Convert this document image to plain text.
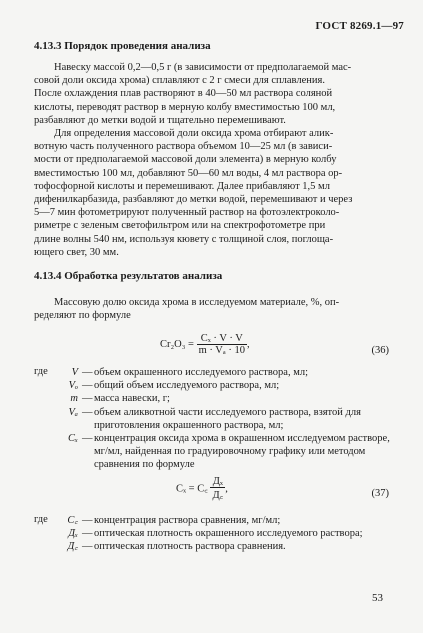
ГОСТ 8269.1—97
4.13.3 Порядок проведения анализа
Навеску массой 0,2—0,5 г (в зависимости от предполагаемой мас-
совой доли оксида хрома) сплавляют с 2 г смеси для сплавления.
После охлаждения плав растворяют в 40—50 мл раствора соляной
кислоты, переводят раствор в мерную колбу вместимостью 100 мл,
разбавляют до метки водой и тщательно перемешивают.
Для определения массовой доли оксида хрома отбирают алик-
вотную часть полученного раствора объемом 10—25 мл (в зависи-
мости от предполагаемой массовой доли элемента) в мерную колбу
вместимостью 100 мл, добавляют 50—60 мл воды, 4 мл раствора ор-
тофосфорной кислоты и перемешивают. Далее прибавляют 1,5 мл
дифенилкарбазида, разбавляют до метки водой, перемешивают и через
5—7 мин фотометрируют полученный раствор на фотоэлектроколо-
риметре с зеленым светофильтром или на спектрофотометре при
длине волны 540 нм, используя кювету с толщиной слоя, поглоща-
ющего свет, 30 мм.
4.13.4 Обработка результатов анализа
Массовую долю оксида хрома в исследуемом материале, %, оп-
ределяют по формуле
$Cr_2O_3 = \frac{\text{Cₓ · V · V}}{\text{m · Vₐ · 10}}$ ,
(36)
где	V — объем окрашенного исследуемого раствора, мл;
Vₒ — общий объем исследуемого раствора, мл;
m — масса навески, г;
Vₐ — объем аликвотной части исследуемого раствора, взятой для приготовления окрашенного раствора, мл;
Cₓ — концентрация оксида хрома в окрашенном исследуемом растворе, мг/мл, найденная по градуировочному графику или методом сравнения по формуле
Cₓ = C꜀ $\frac{\text{Дₓ}}{Д꜀}$ ,	(37)
где	C꜀ — концентрация раствора сравнения, мг/мл;
Дₓ — оптическая плотность окрашенного исследуемого раствора;
Д꜀ — оптическая плотность раствора сравнения.
53
